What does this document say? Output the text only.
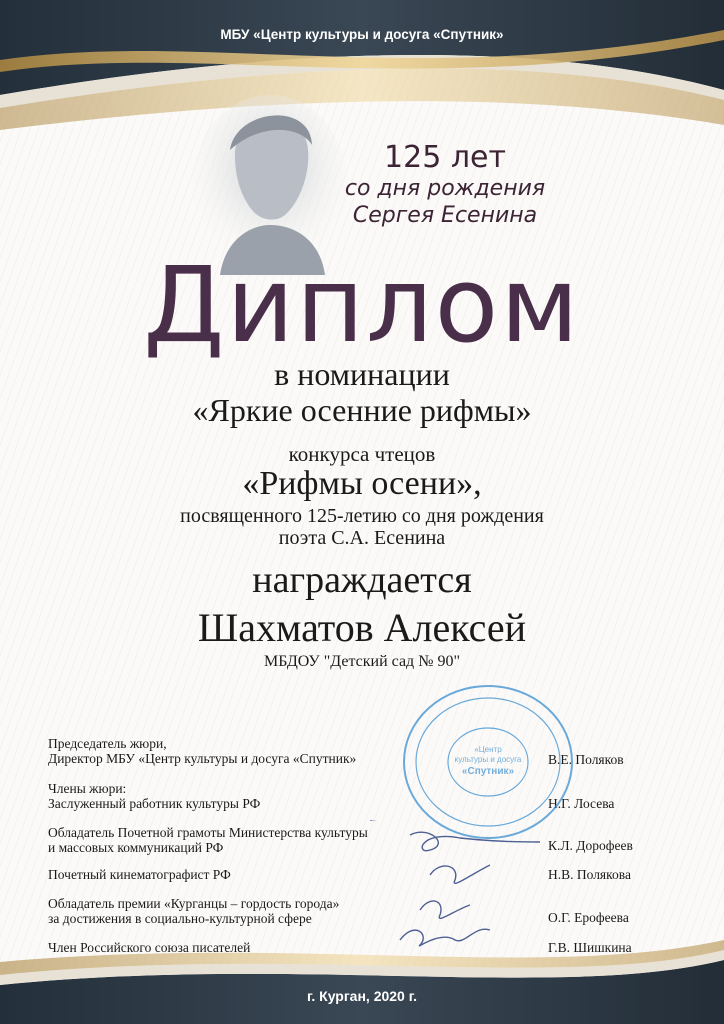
МБУ «Центр культуры и досуга «Спутник»
125 лет
со дня рождения
Сергея Есенина
Диплом
в номинации
«Яркие осенние рифмы»
конкурса чтецов
«Рифмы осени»,
посвященного 125-летию со дня рождения
поэта С.А. Есенина
награждается
Шахматов Алексей
МБДОУ "Детский сад № 90"
Председатель жюри,
Директор МБУ «Центр культуры и досуга «Спутник»	В.Е. Поляков
Члены жюри:
Заслуженный работник культуры РФ	Н.Г. Лосева
Обладатель Почетной грамоты Министерства культуры
и массовых коммуникаций РФ	К.Л. Дорофеев
Почетный кинематографист РФ	Н.В. Полякова
Обладатель премии «Курганцы – гордость города»
за достижения в социально-культурной сфере	О.Г. Ерофеева
Член Российского союза писателей	Г.В. Шишкина
«Центр
культуры и досуга
«Спутник»
г. Курган, 2020 г.
